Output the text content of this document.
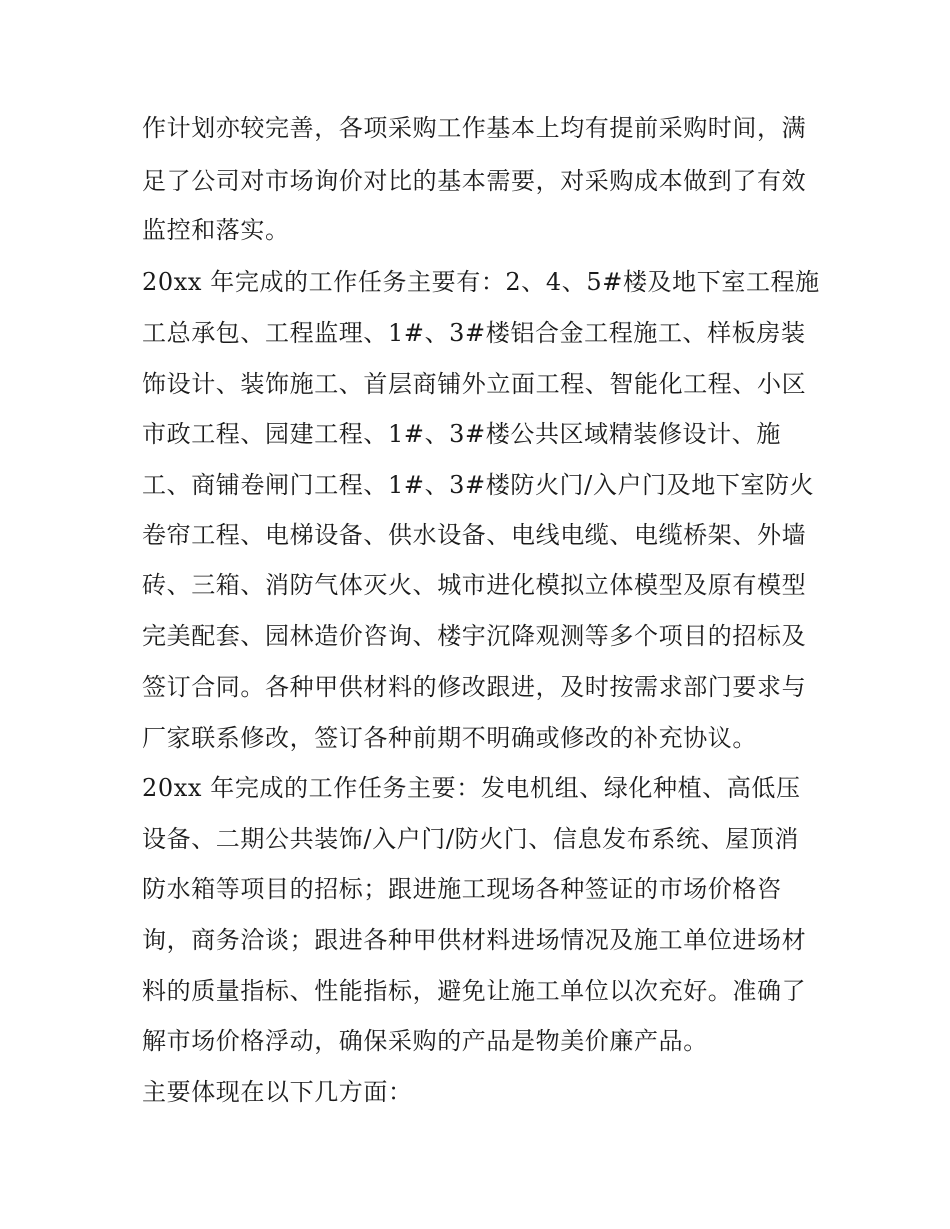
作计划亦较完善，各项采购工作基本上均有提前采购时间，满

足了公司对市场询价对比的基本需要，对采购成本做到了有效

监控和落实。

20xx 年完成的工作任务主要有：2、4、5#楼及地下室工程施

工总承包、工程监理、1#、3#楼铝合金工程施工、样板房装

饰设计、装饰施工、首层商铺外立面工程、智能化工程、小区

市政工程、园建工程、1#、3#楼公共区域精装修设计、施

工、商铺卷闸门工程、1#、3#楼防火门/入户门及地下室防火

卷帘工程、电梯设备、供水设备、电线电缆、电缆桥架、外墙

砖、三箱、消防气体灭火、城市进化模拟立体模型及原有模型

完美配套、园林造价咨询、楼宇沉降观测等多个项目的招标及

签订合同。各种甲供材料的修改跟进，及时按需求部门要求与

厂家联系修改，签订各种前期不明确或修改的补充协议。

20xx 年完成的工作任务主要：发电机组、绿化种植、高低压

设备、二期公共装饰/入户门/防火门、信息发布系统、屋顶消

防水箱等项目的招标；跟进施工现场各种签证的市场价格咨

询，商务洽谈；跟进各种甲供材料进场情况及施工单位进场材

料的质量指标、性能指标，避免让施工单位以次充好。准确了

解市场价格浮动，确保采购的产品是物美价廉产品。

主要体现在以下几方面：
